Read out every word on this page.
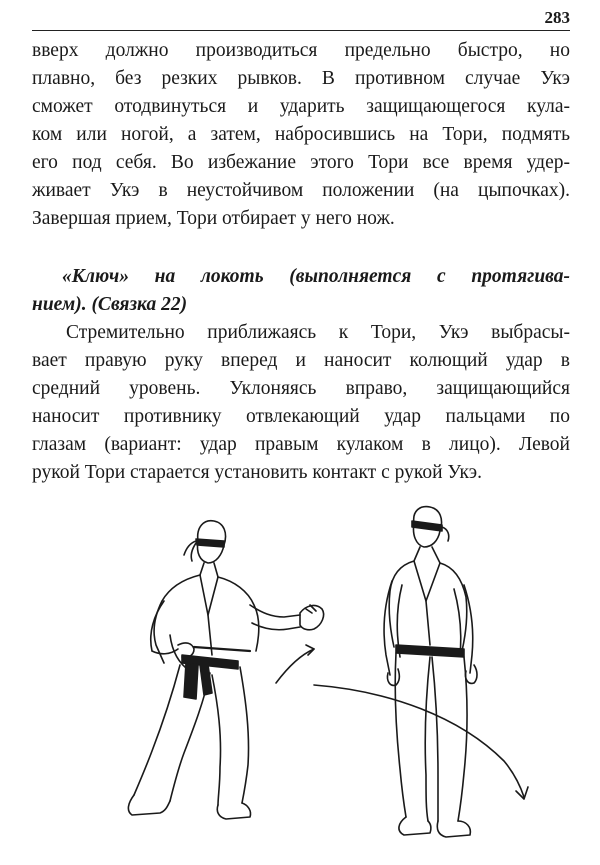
283
вверх должно производиться предельно быстро, но
плавно, без резких рывков. В противном случае Укэ
сможет отодвинуться и ударить защищающегося кула-
ком или ногой, а затем, набросившись на Тори, подмять
его под себя. Во избежание этого Тори все время удер-
живает Укэ в неустойчивом положении (на цыпочках).
Завершая прием, Тори отбирает у него нож.
«Ключ» на локоть (выполняется с протягива-
нием). (Связка 22)
Стремительно приближаясь к Тори, Укэ выбрасы-
вает правую руку вперед и наносит колющий удар в
средний уровень. Уклоняясь вправо, защищающийся
наносит противнику отвлекающий удар пальцами по
глазам (вариант: удар правым кулаком в лицо). Левой
рукой Тори старается установить контакт с рукой Укэ.
